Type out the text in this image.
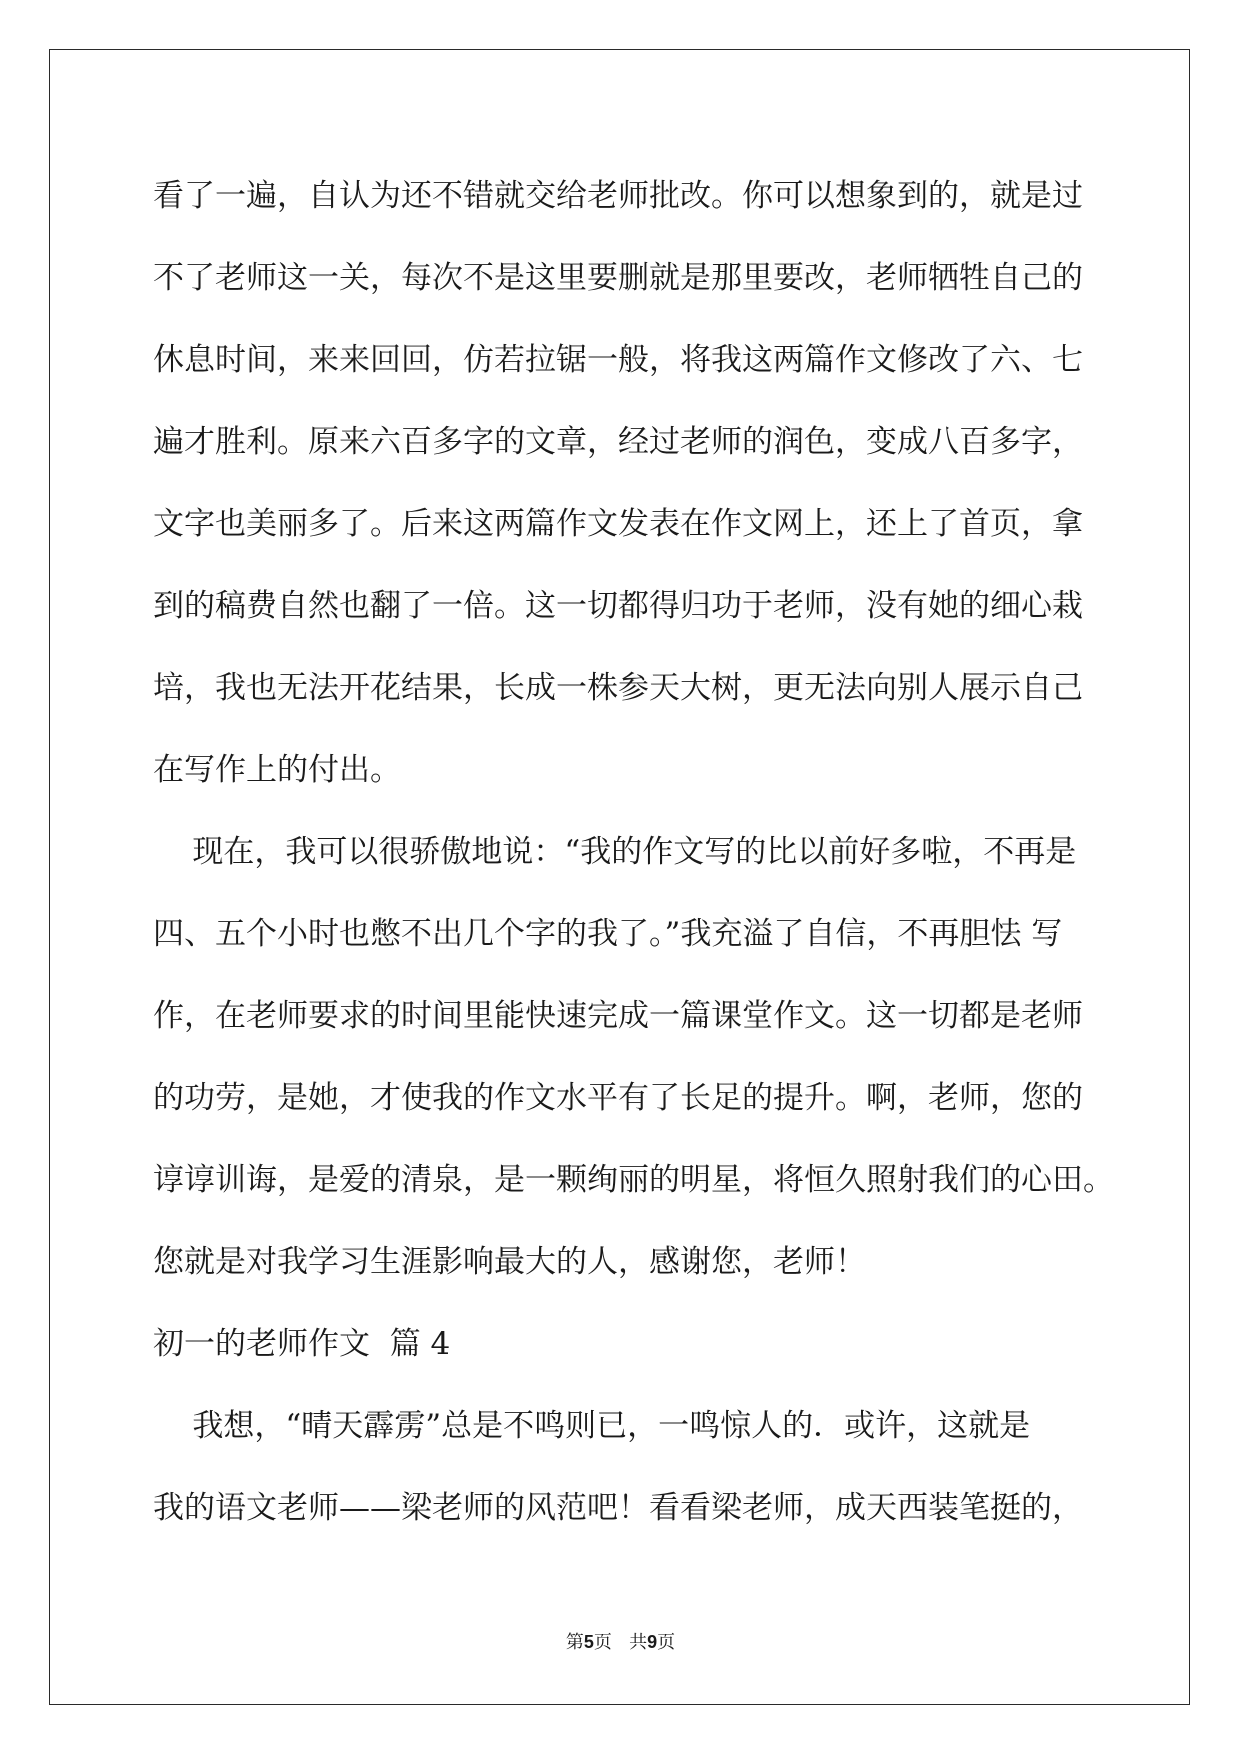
看了一遍，自认为还不错就交给老师批改。你可以想象到的，就是过
不了老师这一关，每次不是这里要删就是那里要改，老师牺牲自己的
休息时间，来来回回，仿若拉锯一般，将我这两篇作文修改了六、七
遍才胜利。原来六百多字的文章，经过老师的润色，变成八百多字，
文字也美丽多了。后来这两篇作文发表在作文网上，还上了首页，拿
到的稿费自然也翻了一倍。这一切都得归功于老师，没有她的细心栽
培，我也无法开花结果，长成一株参天大树，更无法向别人展示自己
在写作上的付出。
现在，我可以很骄傲地说：“我的作文写的比以前好多啦，不再是
四、五个小时也憋不出几个字的我了。”我充溢了自信，不再胆怯 写
作，在老师要求的时间里能快速完成一篇课堂作文。这一切都是老师
的功劳，是她，才使我的作文水平有了长足的提升。啊，老师，您的
谆谆训诲，是爱的清泉，是一颗绚丽的明星，将恒久照射我们的心田。
您就是对我学习生涯影响最大的人，感谢您，老师！
初一的老师作文  篇 4
我想，“晴天霹雳”总是不鸣则已，一鸣惊人的．或许，这就是
我的语文老师——梁老师的风范吧！看看梁老师，成天西装笔挺的，
第5页   共9页
